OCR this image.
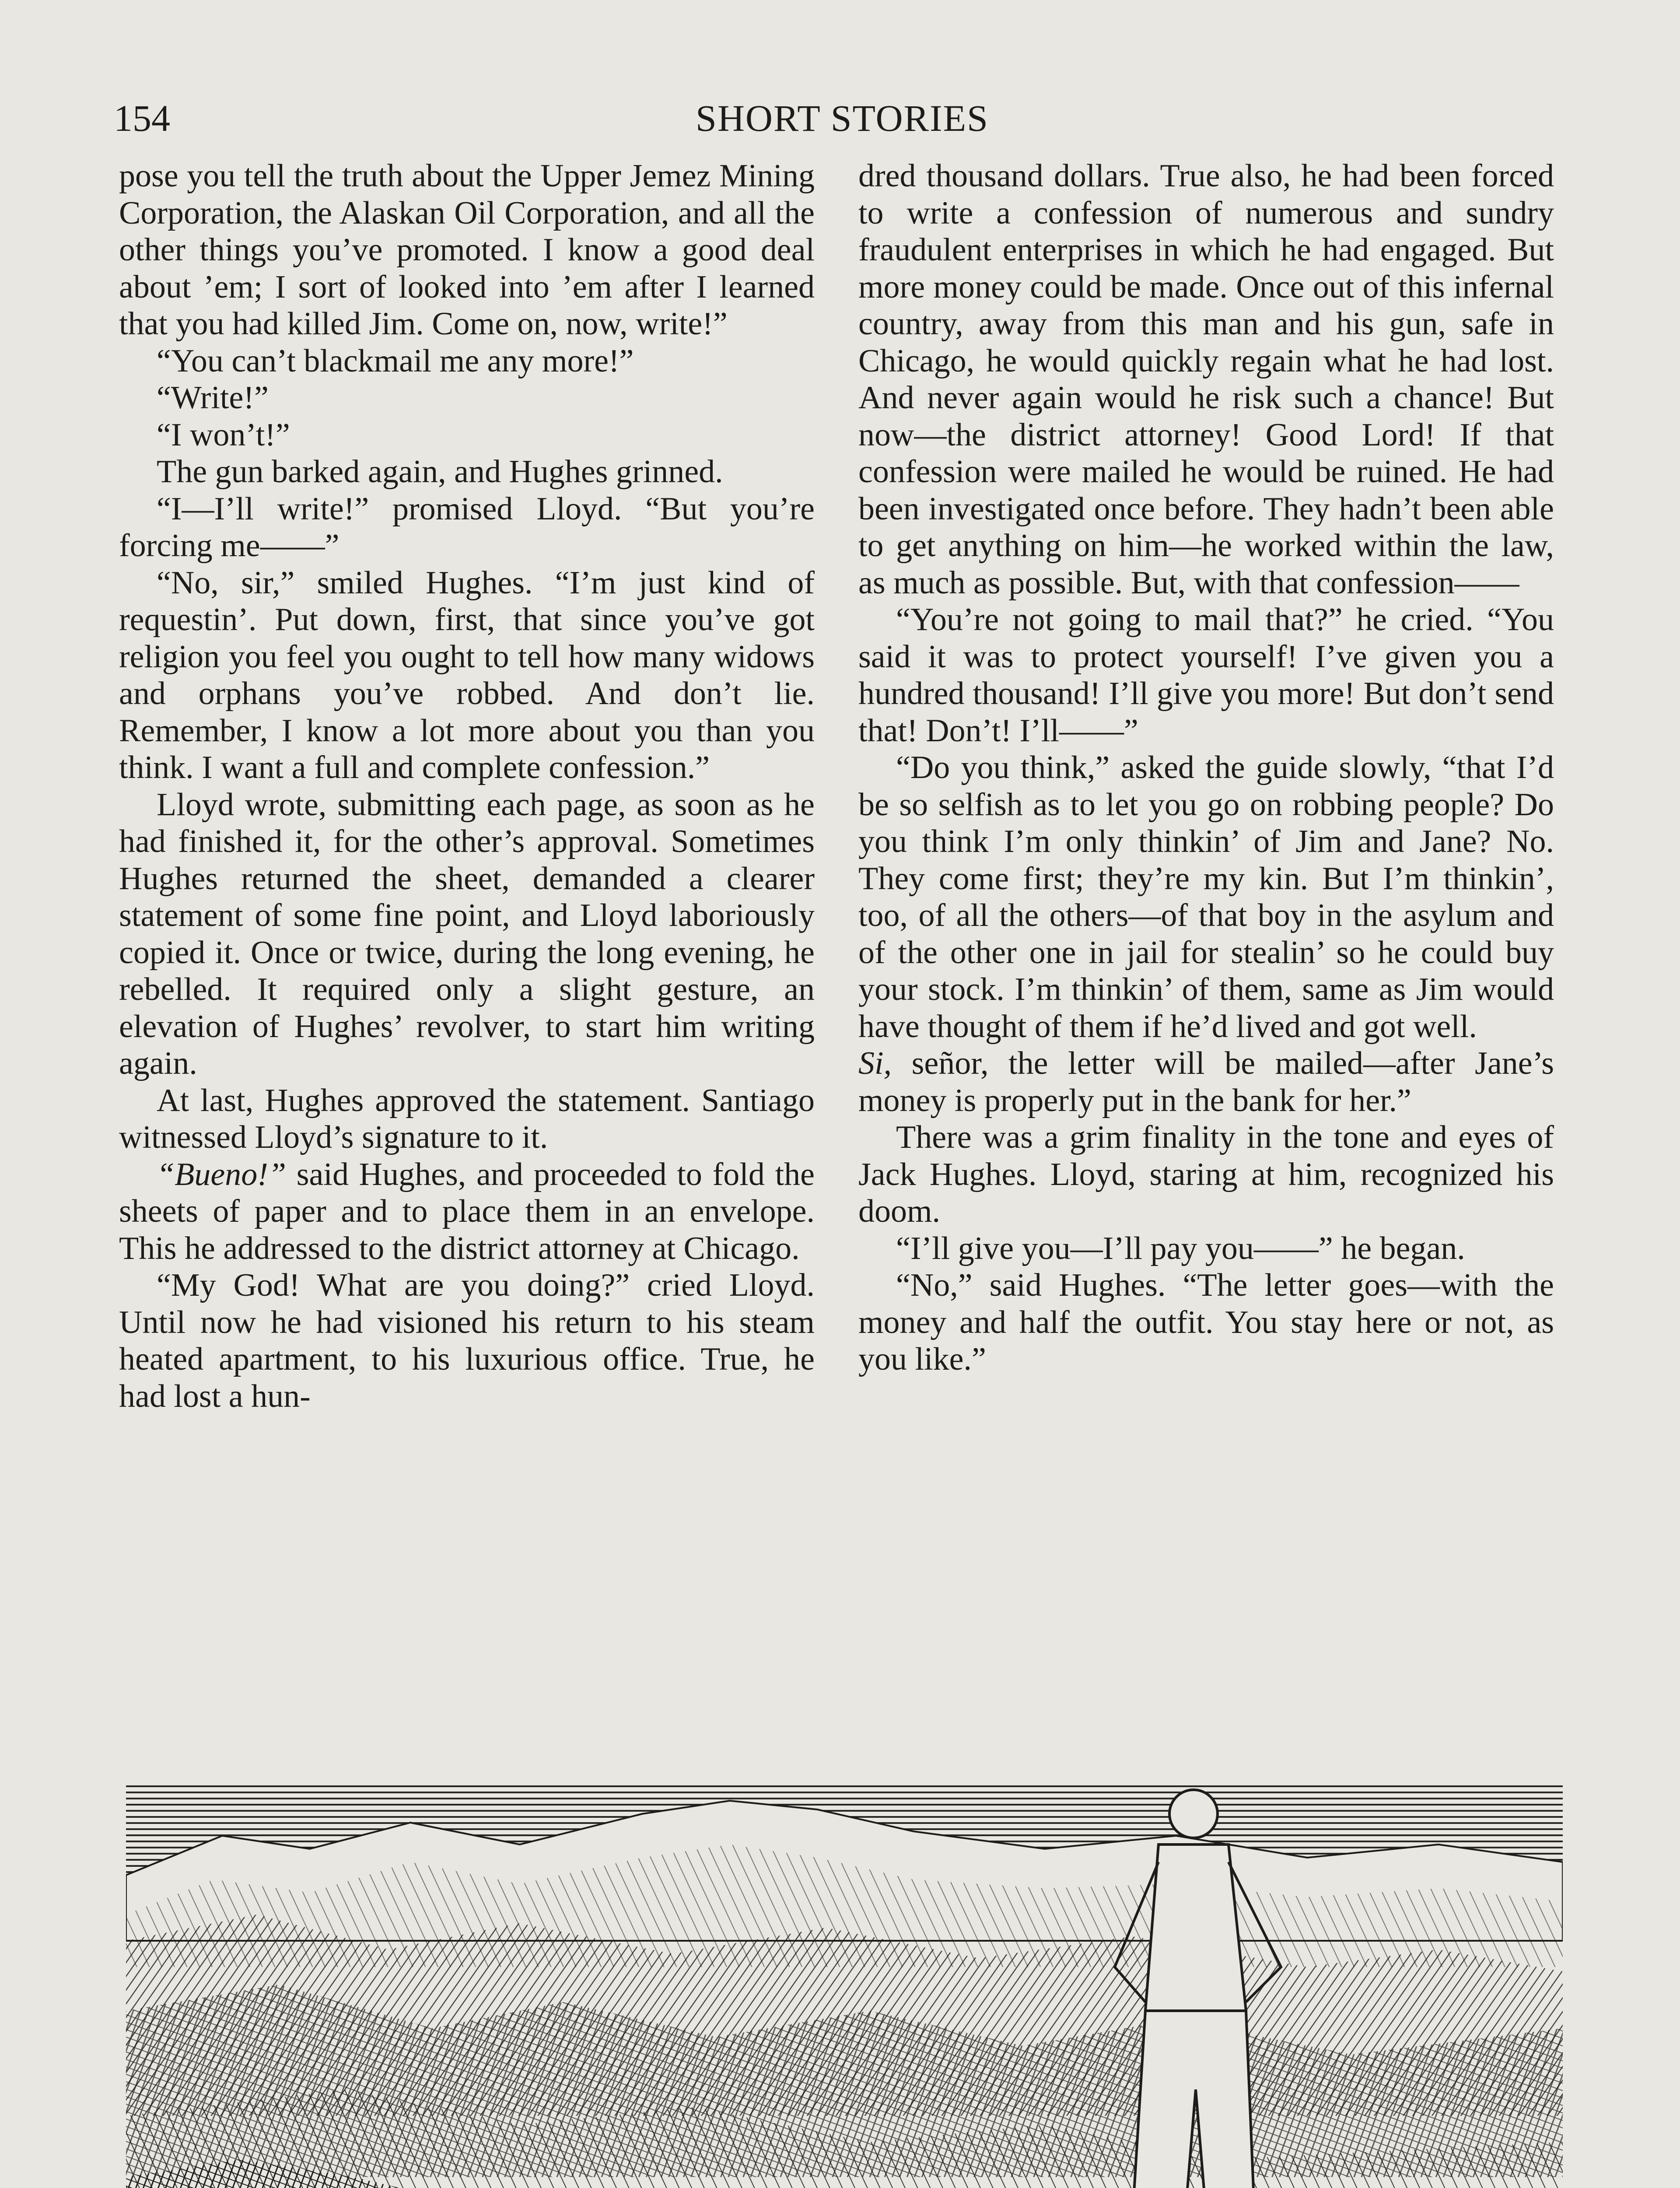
154	SHORT STORIES

pose you tell the truth about the Upper Jemez Mining Corporation, the Alaskan Oil Corporation, and all the other things you’ve promoted. I know a good deal about ’em; I sort of looked into ’em after I learned that you had killed Jim. Come on, now, write!”

“You can’t blackmail me any more!”

“Write!”

“I won’t!”

The gun barked again, and Hughes grinned.

“I—I’ll write!” promised Lloyd. “But you’re forcing me——”

“No, sir,” smiled Hughes. “I’m just kind of requestin’. Put down, first, that since you’ve got religion you feel you ought to tell how many widows and orphans you’ve robbed. And don’t lie. Remember, I know a lot more about you than you think. I want a full and complete confession.”

Lloyd wrote, submitting each page, as soon as he had finished it, for the other’s approval. Sometimes Hughes returned the sheet, demanded a clearer statement of some fine point, and Lloyd laboriously copied it. Once or twice, during the long evening, he rebelled. It required only a slight gesture, an elevation of Hughes’ revolver, to start him writing again.

At last, Hughes approved the statement. Santiago witnessed Lloyd’s signature to it.

“Bueno!” said Hughes, and proceeded to fold the sheets of paper and to place them in an envelope. This he addressed to the district attorney at Chicago.

“My God! What are you doing?” cried Lloyd. Until now he had visioned his return to his steam heated apartment, to his luxurious office. True, he had lost a hun-

dred thousand dollars. True also, he had been forced to write a confession of numerous and sundry fraudulent enterprises in which he had engaged. But more money could be made. Once out of this infernal country, away from this man and his gun, safe in Chicago, he would quickly regain what he had lost. And never again would he risk such a chance! But now—the district attorney! Good Lord! If that confession were mailed he would be ruined. He had been investigated once before. They hadn’t been able to get anything on him—he worked within the law, as much as possible. But, with that confession——

“You’re not going to mail that?” he cried. “You said it was to protect yourself! I’ve given you a hundred thousand! I’ll give you more! But don’t send that! Don’t! I’ll——”

“Do you think,” asked the guide slowly, “that I’d be so selfish as to let you go on robbing people? Do you think I’m only thinkin’ of Jim and Jane? No. They come first; they’re my kin. But I’m thinkin’, too, of all the others—of that boy in the asylum and of the other one in jail for stealin’ so he could buy your stock. I’m thinkin’ of them, same as Jim would have thought of them if he’d lived and got well.

Si, señor, the letter will be mailed—after Jane’s money is properly put in the bank for her.”

There was a grim finality in the tone and eyes of Jack Hughes. Lloyd, staring at him, recognized his doom.

“I’ll give you—I’ll pay you——” he began.

“No,” said Hughes. “The letter goes—with the money and half the outfit. You stay here or not, as you like.”
